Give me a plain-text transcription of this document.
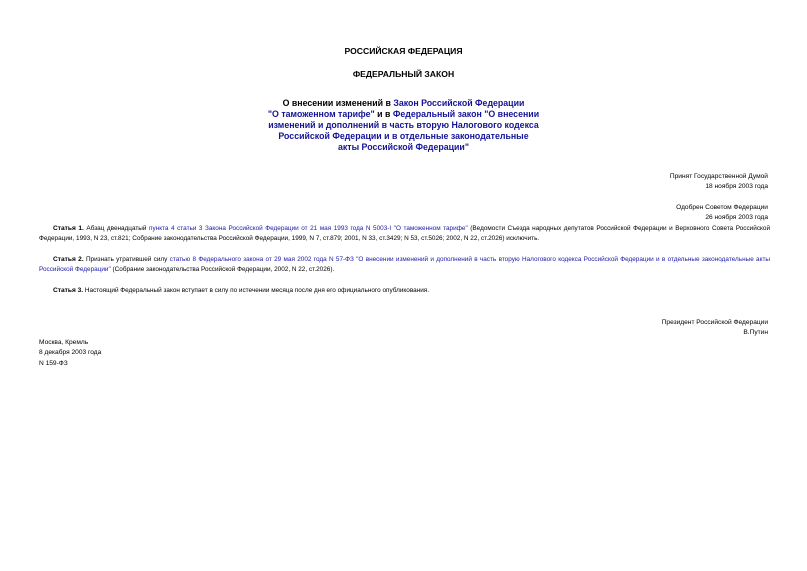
РОССИЙСКАЯ ФЕДЕРАЦИЯ
ФЕДЕРАЛЬНЫЙ ЗАКОН
О внесении изменений в Закон Российской Федерации
"О таможенном тарифе" и в Федеральный закон "О внесении
изменений и дополнений в часть вторую Налогового кодекса
Российской Федерации и в отдельные законодательные
акты Российской Федерации"
Принят Государственной Думой
18 ноября 2003 года
Одобрен Советом Федерации
26 ноября 2003 года
Статья 1. Абзац двенадцатый пункта 4 статьи 3 Закона Российской Федерации от 21 мая 1993 года N 5003-I "О таможенном тарифе" (Ведомости Съезда народных депутатов Российской Федерации и Верховного Совета Российской Федерации, 1993, N 23, ст.821; Собрание законодательства Российской Федерации, 1999, N 7, ст.879; 2001, N 33, ст.3429; N 53, ст.5026; 2002, N 22, ст.2026) исключить.
Статья 2. Признать утратившей силу статью 8 Федерального закона от 29 мая 2002 года N 57-ФЗ "О внесении изменений и дополнений в часть вторую Налогового кодекса Российской Федерации и в отдельные законодательные акты Российской Федерации" (Собрание законодательства Российской Федерации, 2002, N 22, ст.2026).
Статья 3. Настоящий Федеральный закон вступает в силу по истечении месяца после дня его официального опубликования.
Президент Российской Федерации
В.Путин
Москва, Кремль
8 декабря 2003 года
N 159-ФЗ
